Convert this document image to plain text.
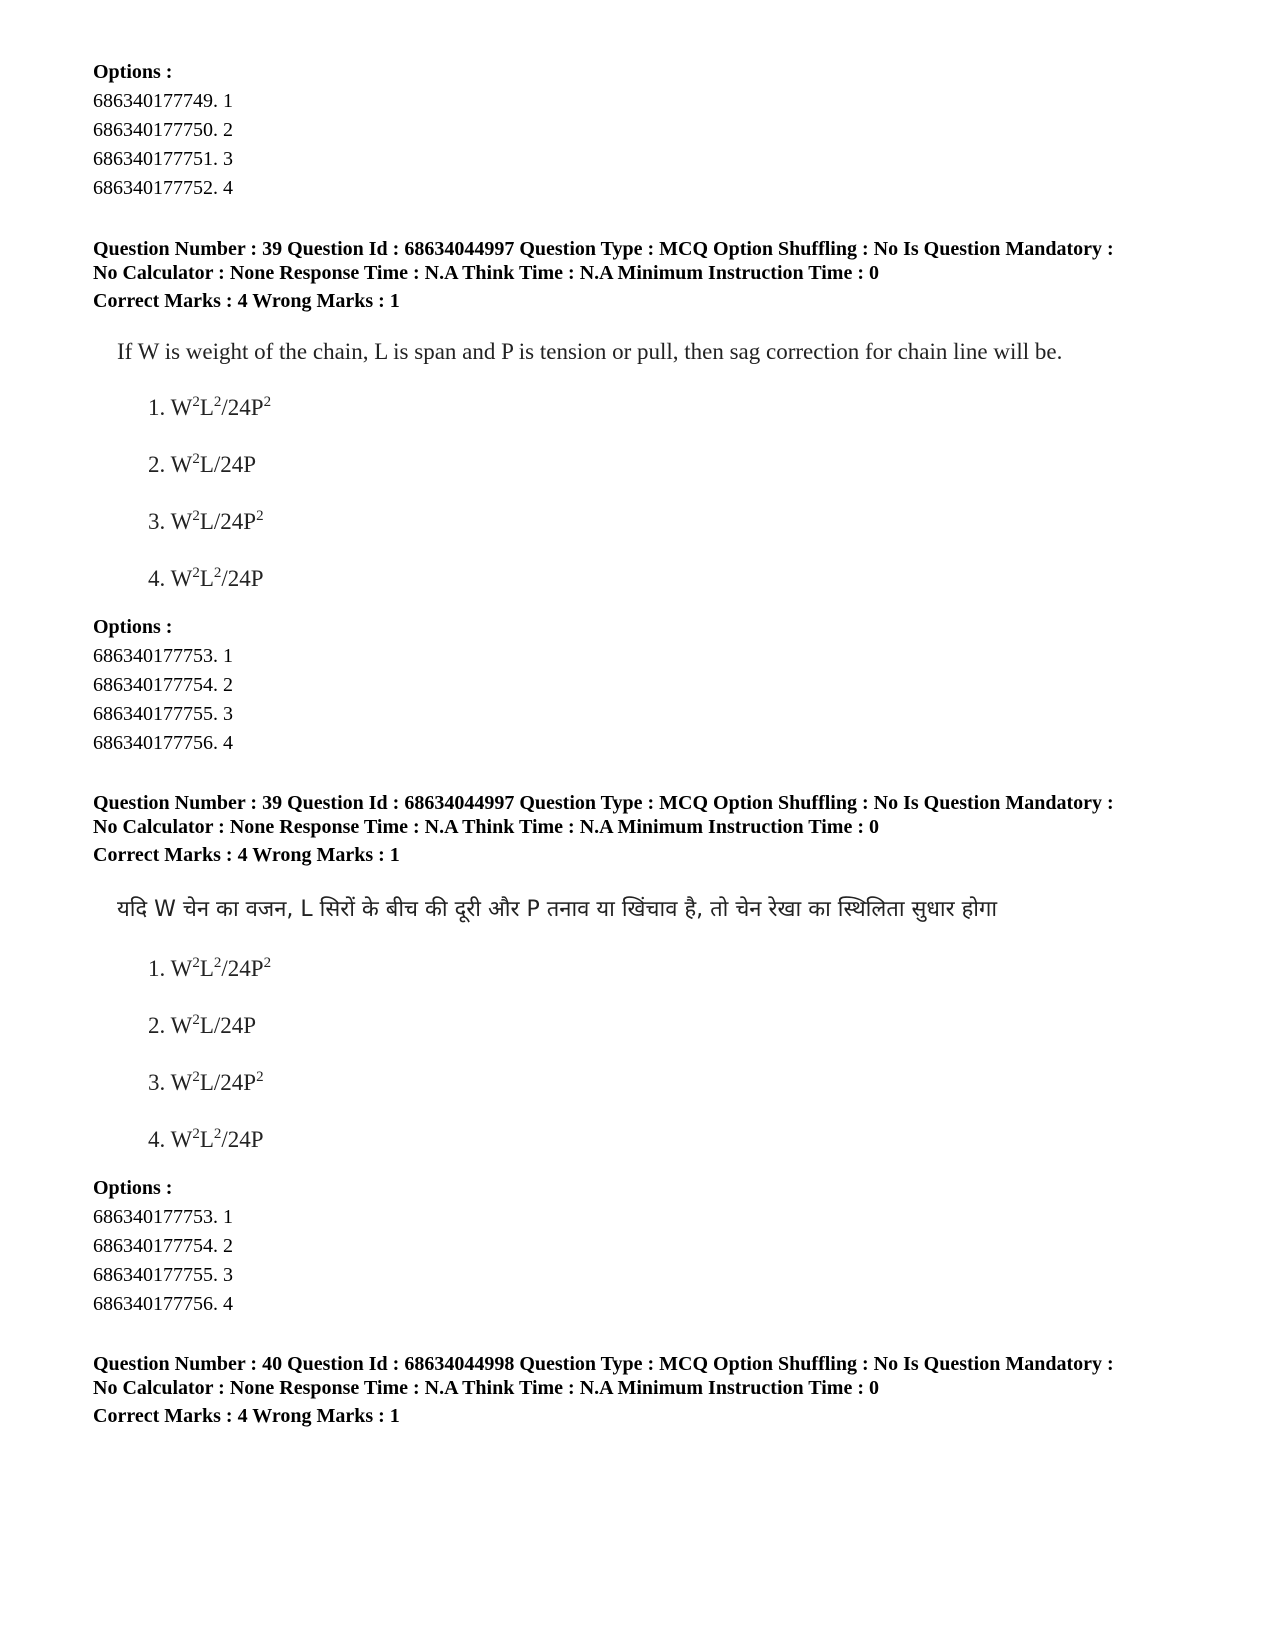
Options :
686340177749. 1
686340177750. 2
686340177751. 3
686340177752. 4
Question Number : 39 Question Id : 68634044997 Question Type : MCQ Option Shuffling : No Is Question Mandatory :
No Calculator : None Response Time : N.A Think Time : N.A Minimum Instruction Time : 0
Correct Marks : 4 Wrong Marks : 1
If W is weight of the chain, L is span and P is tension or pull, then sag correction for chain line will be.
1. $W^2L^2/24P^2$
2. $W^2L/24P$
3. $W^2L/24P^2$
4. $W^2L^2/24P$
Options :
686340177753. 1
686340177754. 2
686340177755. 3
686340177756. 4
Question Number : 39 Question Id : 68634044997 Question Type : MCQ Option Shuffling : No Is Question Mandatory :
No Calculator : None Response Time : N.A Think Time : N.A Minimum Instruction Time : 0
Correct Marks : 4 Wrong Marks : 1
यदि W चेन का वजन, L सिरों के बीच की दूरी और P तनाव या खिंचाव है, तो चेन रेखा का स्थिलिता सुधार होगा
1. $W^2L^2/24P^2$
2. $W^2L/24P$
3. $W^2L/24P^2$
4. $W^2L^2/24P$
Options :
686340177753. 1
686340177754. 2
686340177755. 3
686340177756. 4
Question Number : 40 Question Id : 68634044998 Question Type : MCQ Option Shuffling : No Is Question Mandatory :
No Calculator : None Response Time : N.A Think Time : N.A Minimum Instruction Time : 0
Correct Marks : 4 Wrong Marks : 1
